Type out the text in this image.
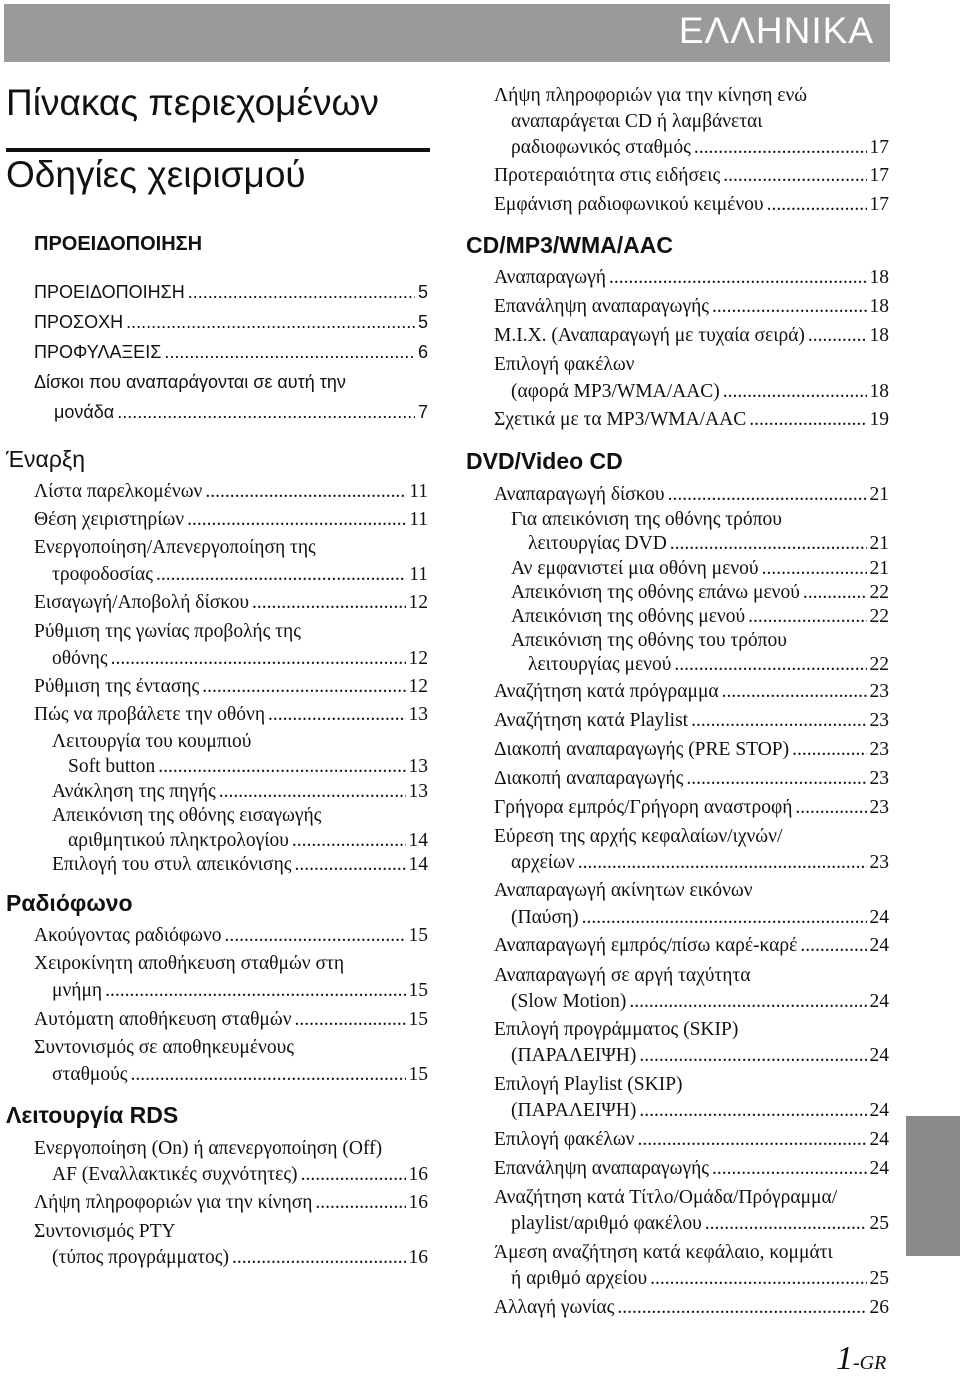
ΕΛΛΗΝΙΚΑ
Πίνακας περιεχομένων
Οδηγίες χειρισμού
ΠΡΟΕΙΔΟΠΟΙΗΣΗ
ΠΡΟΕΙΔΟΠΟΙΗΣΗ .....	5
ΠΡΟΣΟΧΗ .....	5
ΠΡΟΦΥΛΑΞΕΙΣ .....	6
Δίσκοι που αναπαράγονται σε αυτή την
μονάδα .....	7
Έναρξη
Λίστα παρελκομένων .....	11
Θέση χειριστηρίων .....	11
Ενεργοποίηση/Απενεργοποίηση της
τροφοδοσίας .....	11
Εισαγωγή/Αποβολή δίσκου .....	12
Ρύθμιση της γωνίας προβολής της
οθόνης .....	12
Ρύθμιση της έντασης .....	12
Πώς να προβάλετε την οθόνη .....	13
Λειτουργία του κουμπιού
Soft button .....	13
Ανάκληση της πηγής .....	13
Απεικόνιση της οθόνης εισαγωγής
αριθμητικού πληκτρολογίου .....	14
Επιλογή του στυλ απεικόνισης .....	14
Ραδιόφωνο
Ακούγοντας ραδιόφωνο .....	15
Χειροκίνητη αποθήκευση σταθμών στη
μνήμη .....	15
Αυτόματη αποθήκευση σταθμών .....	15
Συντονισμός σε αποθηκευμένους
σταθμούς .....	15
Λειτουργία RDS
Ενεργοποίηση (On) ή απενεργοποίηση (Off)
AF (Εναλλακτικές συχνότητες) .....	16
Λήψη πληροφοριών για την κίνηση .....	16
Συντονισμός PTY
(τύπος προγράμματος) .....	16
Λήψη πληροφοριών για την κίνηση ενώ
αναπαράγεται CD ή λαμβάνεται
ραδιοφωνικός σταθμός .....	17
Προτεραιότητα στις ειδήσεις .....	17
Εμφάνιση ραδιοφωνικού κειμένου .....	17
CD/MP3/WMA/AAC
Αναπαραγωγή .....	18
Επανάληψη αναπαραγωγής .....	18
M.I.X. (Αναπαραγωγή με τυχαία σειρά) .....	18
Επιλογή φακέλων
(αφορά MP3/WMA/AAC) .....	18
Σχετικά με τα MP3/WMA/AAC .....	19
DVD/Video CD
Αναπαραγωγή δίσκου .....	21
Για απεικόνιση της οθόνης τρόπου
λειτουργίας DVD .....	21
Αν εμφανιστεί μια οθόνη μενού .....	21
Απεικόνιση της οθόνης επάνω μενού .....	22
Απεικόνιση της οθόνης μενού .....	22
Απεικόνιση της οθόνης του τρόπου
λειτουργίας μενού .....	22
Αναζήτηση κατά πρόγραμμα .....	23
Αναζήτηση κατά Playlist .....	23
Διακοπή αναπαραγωγής (PRE STOP) .....	23
Διακοπή αναπαραγωγής .....	23
Γρήγορα εμπρός/Γρήγορη αναστροφή .....	23
Εύρεση της αρχής κεφαλαίων/ιχνών/
αρχείων .....	23
Αναπαραγωγή ακίνητων εικόνων
(Παύση) .....	24
Αναπαραγωγή εμπρός/πίσω καρέ-καρέ .....	24
Αναπαραγωγή σε αργή ταχύτητα
(Slow Motion) .....	24
Επιλογή προγράμματος (SKIP)
(ΠΑΡΑΛΕΙΨΗ) .....	24
Επιλογή Playlist (SKIP)
(ΠΑΡΑΛΕΙΨΗ) .....	24
Επιλογή φακέλων .....	24
Επανάληψη αναπαραγωγής .....	24
Αναζήτηση κατά Τίτλο/Ομάδα/Πρόγραμμα/
playlist/αριθμό φακέλου .....	25
Άμεση αναζήτηση κατά κεφάλαιο, κομμάτι
ή αριθμό αρχείου .....	25
Αλλαγή γωνίας .....	26
1-GR
